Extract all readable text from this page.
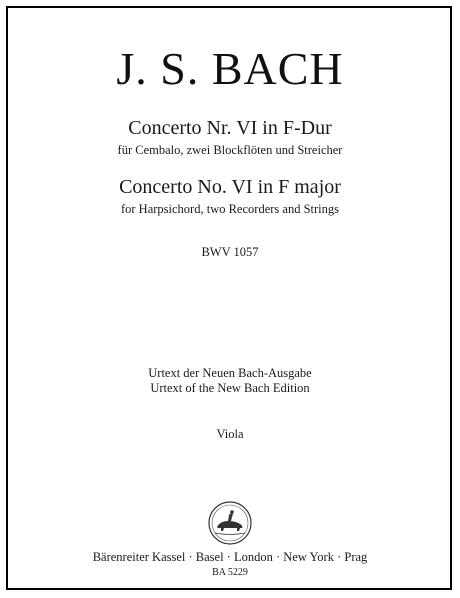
J. S. BACH
Concerto Nr. VI in F-Dur
für Cembalo, zwei Blockflöten und Streicher
Concerto No. VI in F major
for Harpsichord, two Recorders and Strings
BWV 1057
Urtext der Neuen Bach-Ausgabe
Urtext of the New Bach Edition
Viola
Bärenreiter Kassel · Basel · London · New York · Prag
BA 5229
